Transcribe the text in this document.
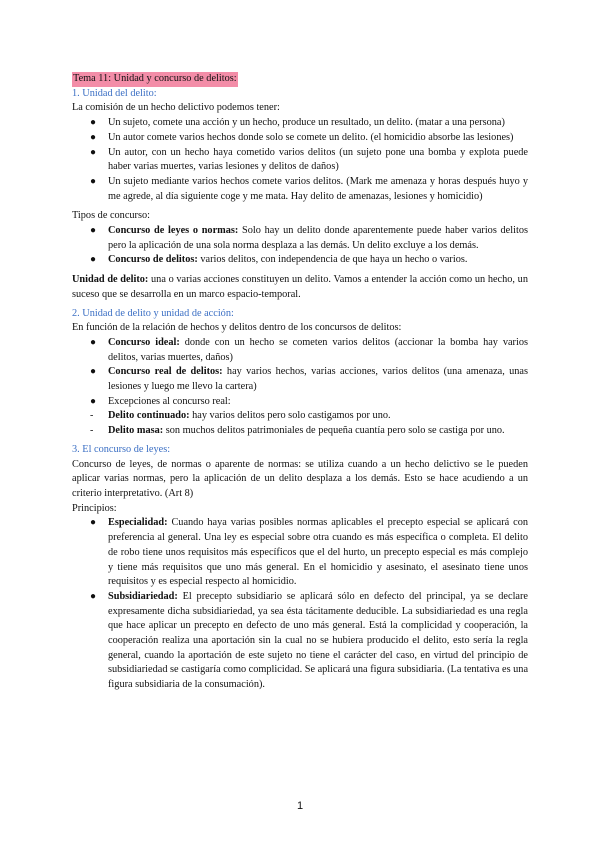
Tema 11: Unidad y concurso de delitos:
1. Unidad del delito:

La comisión de un hecho delictivo podemos tener:

●	Un sujeto, comete una acción y un hecho, produce un resultado, un delito. (matar a una persona)
●	Un autor comete varios hechos donde solo se comete un delito. (el homicidio absorbe las lesiones)
●	Un autor, con un hecho haya cometido varios delitos (un sujeto pone una bomba y explota puede haber varias muertes, varias lesiones y delitos de daños)
●	Un sujeto mediante varios hechos comete varios delitos. (Mark me amenaza y horas después huyo y me agrede, al día siguiente coge y me mata. Hay delito de amenazas, lesiones y homicidio)

Tipos de concurso:

●	Concurso de leyes o normas: Solo hay un delito donde aparentemente puede haber varios delitos pero la aplicación de una sola norma desplaza a las demás. Un delito excluye a los demás.
●	Concurso de delitos: varios delitos, con independencia de que haya un hecho o varios.

Unidad de delito: una o varias acciones constituyen un delito. Vamos a entender la acción como un hecho, un suceso que se desarrolla en un marco espacio-temporal.

2. Unidad de delito y unidad de acción:

En función de la relación de hechos y delitos dentro de los concursos de delitos:

●	Concurso ideal: donde con un hecho se cometen varios delitos (accionar la bomba hay varios delitos, varias muertes, daños)
●	Concurso real de delitos: hay varios hechos, varias acciones, varios delitos (una amenaza, unas lesiones y luego me llevo la cartera)
●	Excepciones al concurso real:
-	Delito continuado: hay varios delitos pero solo castigamos por uno.
-	Delito masa: son muchos delitos patrimoniales de pequeña cuantía pero solo se castiga por uno.
3. El concurso de leyes:

Concurso de leyes, de normas o aparente de normas: se utiliza cuando a un hecho delictivo se le pueden aplicar varias normas, pero la aplicación de un delito desplaza a los demás. Esto se hace acudiendo a un criterio interpretativo. (Art 8)

Principios:

●	Especialidad: Cuando haya varias posibles normas aplicables el precepto especial se aplicará con preferencia al general. Una ley es especial sobre otra cuando es más específica o completa. El delito de robo tiene unos requisitos más específicos que el del hurto, un precepto especial es más complejo y tiene más requisitos que uno más general. En el homicidio y asesinato, el asesinato tiene unos requisitos y es especial respecto al homicidio.
●	Subsidiariedad: El precepto subsidiario se aplicará sólo en defecto del principal, ya se declare expresamente dicha subsidiariedad, ya sea ésta tácitamente deducible. La subsidiariedad es una regla que hace aplicar un precepto en defecto de uno más general. Está la complicidad y cooperación, la cooperación realiza una aportación sin la cual no se hubiera producido el delito, esto sería la regla general, cuando la aportación de este sujeto no tiene el carácter del caso, en virtud del principio de subsidiariedad se castigaría como complicidad. Se aplicará una figura subsidiaria. (La tentativa es una figura subsidiaria de la consumación).
1
